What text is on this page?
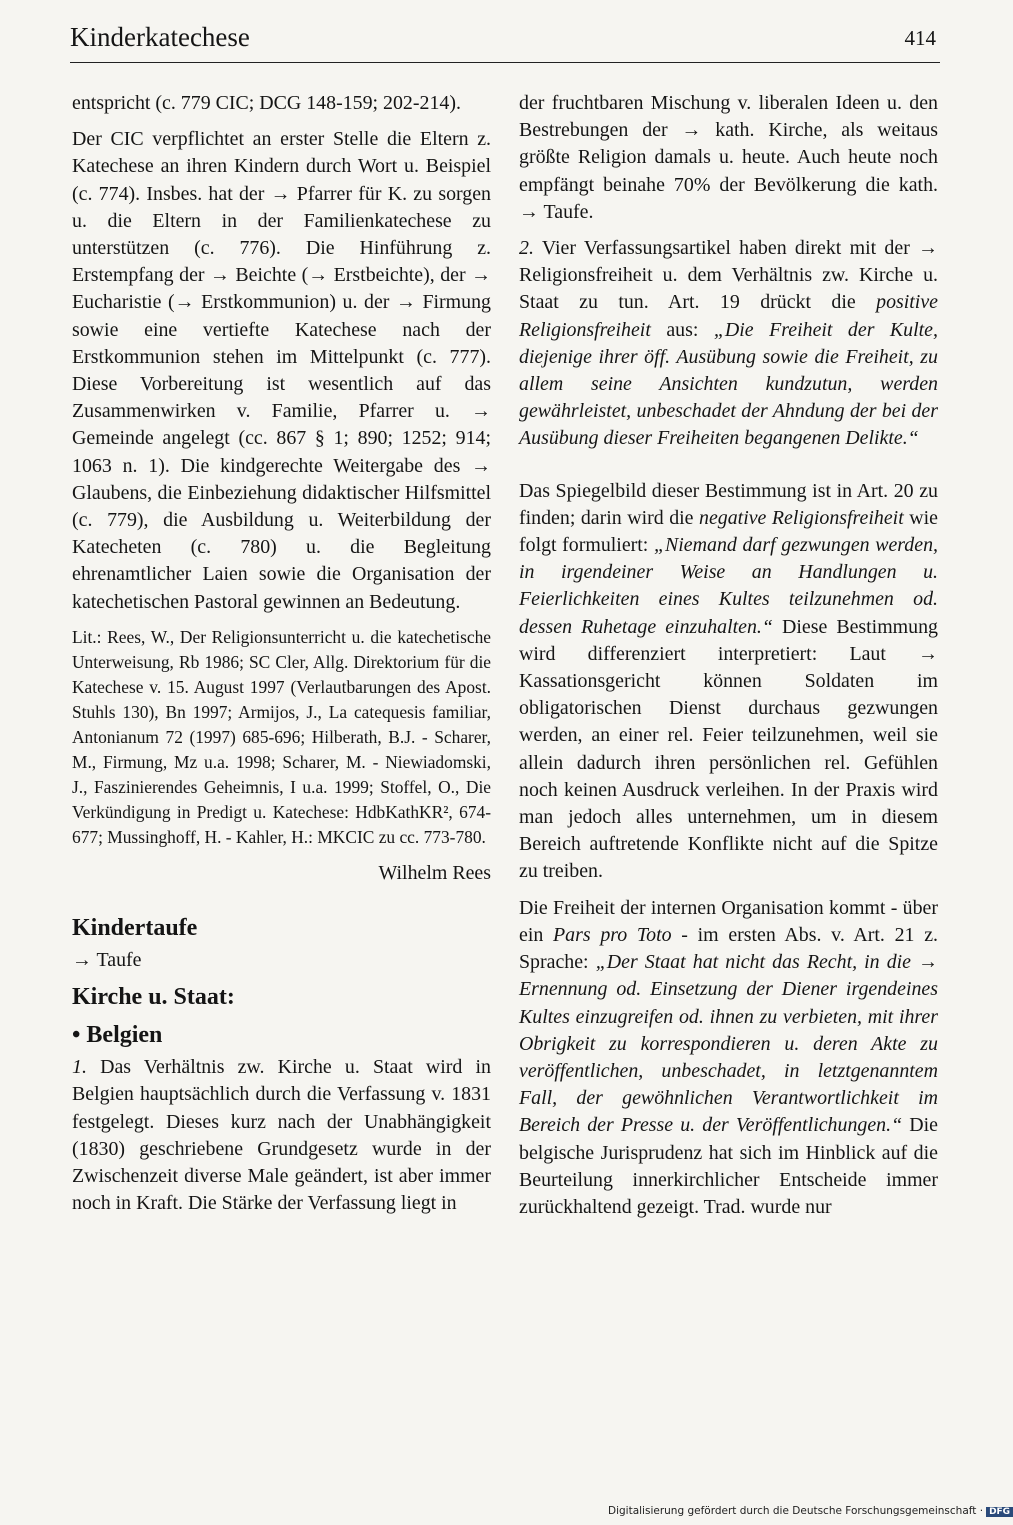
Kinderkatechese	414

entspricht (c. 779 CIC; DCG 148-159; 202-214).

Der CIC verpflichtet an erster Stelle die Eltern z. Katechese an ihren Kindern durch Wort u. Beispiel (c. 774). Insbes. hat der → Pfarrer für K. zu sorgen u. die Eltern in der Familienkatechese zu unterstützen (c. 776). Die Hinführung z. Erstempfang der → Beichte (→ Erstbeichte), der → Eucharistie (→ Erstkommunion) u. der → Firmung sowie eine vertiefte Katechese nach der Erstkommunion stehen im Mittelpunkt (c. 777). Diese Vorbereitung ist wesentlich auf das Zusammenwirken v. Familie, Pfarrer u. → Gemeinde angelegt (cc. 867 § 1; 890; 1252; 914; 1063 n. 1). Die kindgerechte Weitergabe des → Glaubens, die Einbeziehung didaktischer Hilfsmittel (c. 779), die Ausbildung u. Weiterbildung der Katecheten (c. 780) u. die Begleitung ehrenamtlicher Laien sowie die Organisation der katechetischen Pastoral gewinnen an Bedeutung.

Lit.: Rees, W., Der Religionsunterricht u. die katechetische Unterweisung, Rb 1986; SC Cler, Allg. Direktorium für die Katechese v. 15. August 1997 (Verlautbarungen des Apost. Stuhls 130), Bn 1997; Armijos, J., La catequesis familiar, Antonianum 72 (1997) 685-696; Hilberath, B.J. - Scharer, M., Firmung, Mz u.a. 1998; Scharer, M. - Niewiadomski, J., Faszinierendes Geheimnis, I u.a. 1999; Stoffel, O., Die Verkündigung in Predigt u. Katechese: HdbKathKR², 674-677; Mussinghoff, H. - Kahler, H.: MKCIC zu cc. 773-780.

Wilhelm Rees
Kindertaufe
→ Taufe
Kirche u. Staat:
• Belgien

1. Das Verhältnis zw. Kirche u. Staat wird in Belgien hauptsächlich durch die Verfassung v. 1831 festgelegt. Dieses kurz nach der Unabhängigkeit (1830) geschriebene Grundgesetz wurde in der Zwischenzeit diverse Male geändert, ist aber immer noch in Kraft. Die Stärke der Verfassung liegt in

der fruchtbaren Mischung v. liberalen Ideen u. den Bestrebungen der → kath. Kirche, als weitaus größte Religion damals u. heute. Auch heute noch empfängt beinahe 70% der Bevölkerung die kath. → Taufe.

2. Vier Verfassungsartikel haben direkt mit der → Religionsfreiheit u. dem Verhältnis zw. Kirche u. Staat zu tun. Art. 19 drückt die positive Religionsfreiheit aus: „Die Freiheit der Kulte, diejenige ihrer öff. Ausübung sowie die Freiheit, zu allem seine Ansichten kundzutun, werden gewährleistet, unbeschadet der Ahndung der bei der Ausübung dieser Freiheiten begangenen Delikte.“

Das Spiegelbild dieser Bestimmung ist in Art. 20 zu finden; darin wird die negative Religionsfreiheit wie folgt formuliert: „Niemand darf gezwungen werden, in irgendeiner Weise an Handlungen u. Feierlichkeiten eines Kultes teilzunehmen od. dessen Ruhetage einzuhalten.“ Diese Bestimmung wird differenziert interpretiert: Laut → Kassationsgericht können Soldaten im obligatorischen Dienst durchaus gezwungen werden, an einer rel. Feier teilzunehmen, weil sie allein dadurch ihren persönlichen rel. Gefühlen noch keinen Ausdruck verleihen. In der Praxis wird man jedoch alles unternehmen, um in diesem Bereich auftretende Konflikte nicht auf die Spitze zu treiben.

Die Freiheit der internen Organisation kommt - über ein Pars pro Toto - im ersten Abs. v. Art. 21 z. Sprache: „Der Staat hat nicht das Recht, in die → Ernennung od. Einsetzung der Diener irgendeines Kultes einzugreifen od. ihnen zu verbieten, mit ihrer Obrigkeit zu korrespondieren u. deren Akte zu veröffentlichen, unbeschadet, in letztgenanntem Fall, der gewöhnlichen Verantwortlichkeit im Bereich der Presse u. der Veröffentlichungen.“ Die belgische Jurisprudenz hat sich im Hinblick auf die Beurteilung innerkirchlicher Entscheide immer zurückhaltend gezeigt. Trad. wurde nur

Digitalisierung gefördert durch die Deutsche Forschungsgemeinschaft · DFG
